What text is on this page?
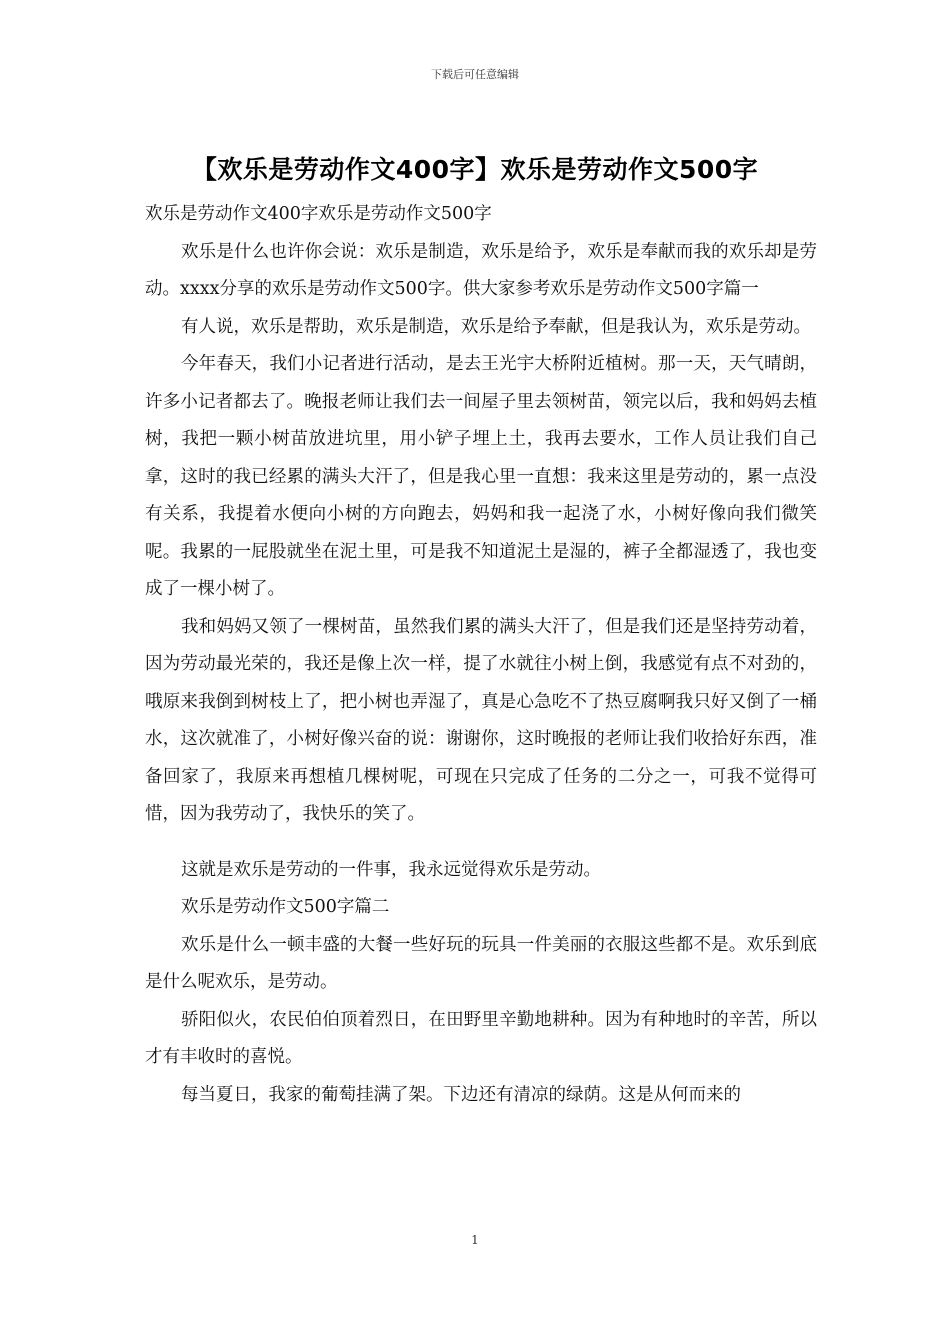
下载后可任意编辑
【欢乐是劳动作文400字】欢乐是劳动作文500字

欢乐是劳动作文400字欢乐是劳动作文500字

欢乐是什么也许你会说：欢乐是制造，欢乐是给予，欢乐是奉献而我的欢乐却是劳动。xxxx分享的欢乐是劳动作文500字。供大家参考欢乐是劳动作文500字篇一

有人说，欢乐是帮助，欢乐是制造，欢乐是给予奉献，但是我认为，欢乐是劳动。

今年春天，我们小记者进行活动，是去王光宇大桥附近植树。那一天，天气晴朗，许多小记者都去了。晚报老师让我们去一间屋子里去领树苗，领完以后，我和妈妈去植树，我把一颗小树苗放进坑里，用小铲子埋上土，我再去要水，工作人员让我们自己拿，这时的我已经累的满头大汗了，但是我心里一直想：我来这里是劳动的，累一点没有关系，我提着水便向小树的方向跑去，妈妈和我一起浇了水，小树好像向我们微笑呢。我累的一屁股就坐在泥土里，可是我不知道泥土是湿的，裤子全都湿透了，我也变成了一棵小树了。

我和妈妈又领了一棵树苗，虽然我们累的满头大汗了，但是我们还是坚持劳动着，因为劳动最光荣的，我还是像上次一样，提了水就往小树上倒，我感觉有点不对劲的，哦原来我倒到树枝上了，把小树也弄湿了，真是心急吃不了热豆腐啊我只好又倒了一桶水，这次就准了，小树好像兴奋的说：谢谢你，这时晚报的老师让我们收拾好东西，准备回家了，我原来再想植几棵树呢，可现在只完成了任务的二分之一，可我不觉得可惜，因为我劳动了，我快乐的笑了。

这就是欢乐是劳动的一件事，我永远觉得欢乐是劳动。

欢乐是劳动作文500字篇二

欢乐是什么一顿丰盛的大餐一些好玩的玩具一件美丽的衣服这些都不是。欢乐到底是什么呢欢乐，是劳动。

骄阳似火，农民伯伯顶着烈日，在田野里辛勤地耕种。因为有种地时的辛苦，所以才有丰收时的喜悦。

每当夏日，我家的葡萄挂满了架。下边还有清凉的绿荫。这是从何而来的

1
